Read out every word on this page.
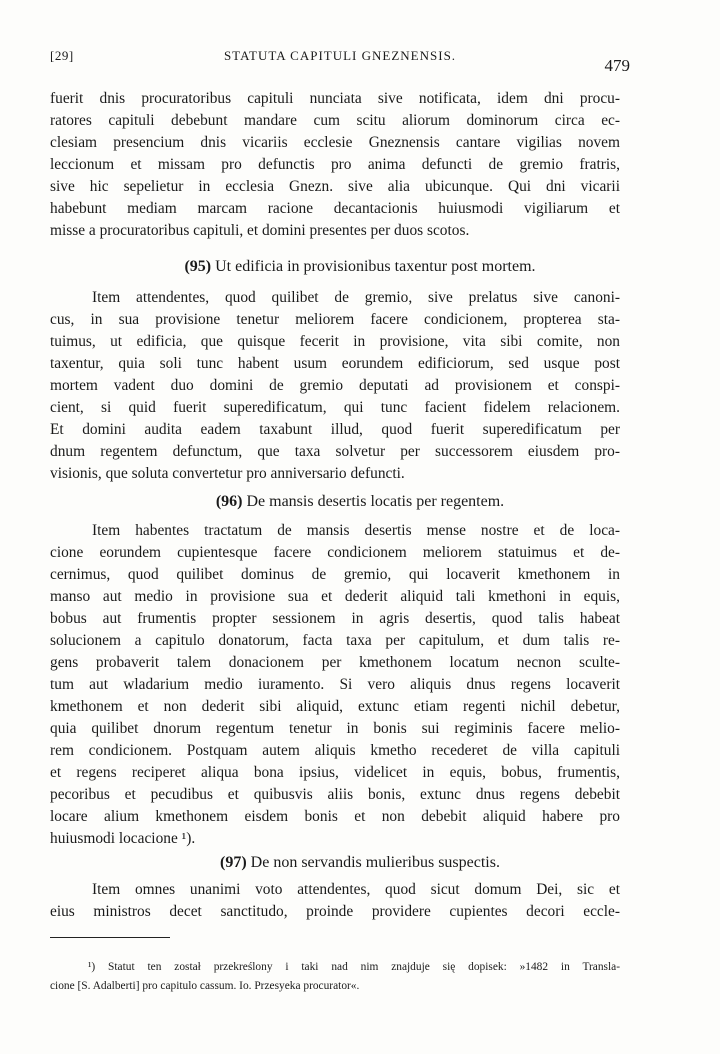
[29]	STATUTA CAPITULI GNEZNENSIS.
479
fuerit dnis procuratoribus capituli nunciata sive notificata, idem dni procu-
ratores capituli debebunt mandare cum scitu aliorum dominorum circa ec-
clesiam presencium dnis vicariis ecclesie Gneznensis cantare vigilias novem
leccionum et missam pro defunctis pro anima defuncti de gremio fratris,
sive hic sepelietur in ecclesia Gnezn. sive alia ubicunque. Qui dni vicarii
habebunt mediam marcam racione decantacionis huiusmodi vigiliarum et
misse a procuratoribus capituli, et domini presentes per duos scotos.
(95) Ut edificia in provisionibus taxentur post mortem.
Item attendentes, quod quilibet de gremio, sive prelatus sive canoni-
cus, in sua provisione tenetur meliorem facere condicionem, propterea sta-
tuimus, ut edificia, que quisque fecerit in provisione, vita sibi comite, non
taxentur, quia soli tunc habent usum eorundem edificiorum, sed usque post
mortem vadent duo domini de gremio deputati ad provisionem et conspi-
cient, si quid fuerit superedificatum, qui tunc facient fidelem relacionem.
Et domini audita eadem taxabunt illud, quod fuerit superedificatum per
dnum regentem defunctum, que taxa solvetur per successorem eiusdem pro-
visionis, que soluta convertetur pro anniversario defuncti.
(96) De mansis desertis locatis per regentem.
Item habentes tractatum de mansis desertis mense nostre et de loca-
cione eorundem cupientesque facere condicionem meliorem statuimus et de-
cernimus, quod quilibet dominus de gremio, qui locaverit kmethonem in
manso aut medio in provisione sua et dederit aliquid tali kmethoni in equis,
bobus aut frumentis propter sessionem in agris desertis, quod talis habeat
solucionem a capitulo donatorum, facta taxa per capitulum, et dum talis re-
gens probaverit talem donacionem per kmethonem locatum necnon sculte-
tum aut wladarium medio iuramento. Si vero aliquis dnus regens locaverit
kmethonem et non dederit sibi aliquid, extunc etiam regenti nichil debetur,
quia quilibet dnorum regentum tenetur in bonis sui regiminis facere melio-
rem condicionem. Postquam autem aliquis kmetho recederet de villa capituli
et regens reciperet aliqua bona ipsius, videlicet in equis, bobus, frumentis,
pecoribus et pecudibus et quibusvis aliis bonis, extunc dnus regens debebit
locare alium kmethonem eisdem bonis et non debebit aliquid habere pro
huiusmodi locacione ¹).
(97) De non servandis mulieribus suspectis.
Item omnes unanimi voto attendentes, quod sicut domum Dei, sic et
eius ministros decet sanctitudo, proinde providere cupientes decori eccle-
¹) Statut ten został przekreślony i taki nad nim znajduje się dopisek: »1482 in Transla-
cione [S. Adalberti] pro capitulo cassum. Io. Przesyeka procurator«.
